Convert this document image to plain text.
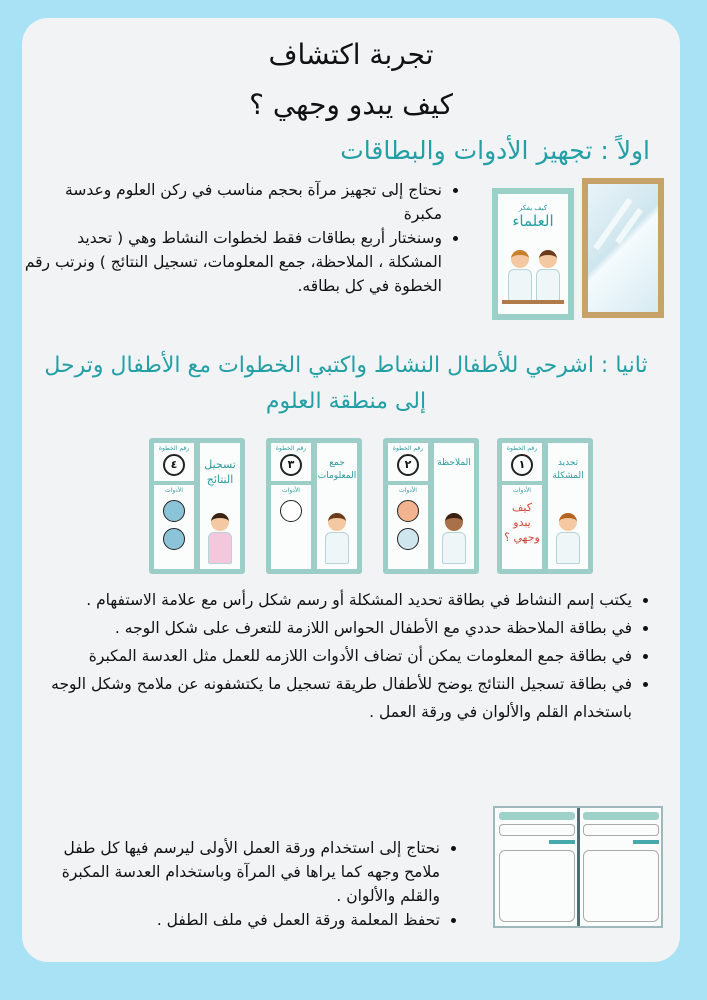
تجربة اكتشاف
كيف يبدو وجهي ؟
اولاً : تجهيز الأدوات والبطاقات
• نحتاج إلى تجهيز مرآة بحجم مناسب في ركن العلوم وعدسة مكبرة
• وسنختار أربع بطاقات فقط لخطوات النشاط وهي ( تحديد المشكلة ، الملاحظة، جمع المعلومات، تسجيل النتائج ) ونرتب رقم الخطوة في كل بطاقه.
كيف يفكر
العلماء
ثانيا : اشرحي للأطفال النشاط واكتبي الخطوات مع الأطفال وترحل إلى منطقة العلوم
رقم الخطوة
١
الأدوات
كيف يبدو وجهي ؟
تحديد المشكلة
رقم الخطوة
٢
الأدوات
الملاحظة
رقم الخطوة
٣
الأدوات
جمع المعلومات
رقم الخطوة
٤
الأدوات
تسجيل النتائج
• يكتب إسم النشاط في بطاقة تحديد المشكلة أو رسم شكل رأس مع علامة الاستفهام .
• في بطاقة الملاحظة حددي مع الأطفال الحواس اللازمة للتعرف على شكل الوجه .
• في بطاقة جمع المعلومات يمكن أن تضاف الأدوات اللازمه للعمل مثل العدسة المكبرة
• في بطاقة تسجيل النتائج يوضح للأطفال طريقة تسجيل ما يكتشفونه عن ملامح وشكل الوجه باستخدام القلم والألوان في ورقة العمل .
• نحتاج إلى استخدام ورقة العمل الأولى ليرسم فيها كل طفل ملامح وجهه كما يراها في المرآة وباستخدام العدسة المكبرة والقلم والألوان .
• تحفظ المعلمة ورقة العمل في ملف الطفل .
